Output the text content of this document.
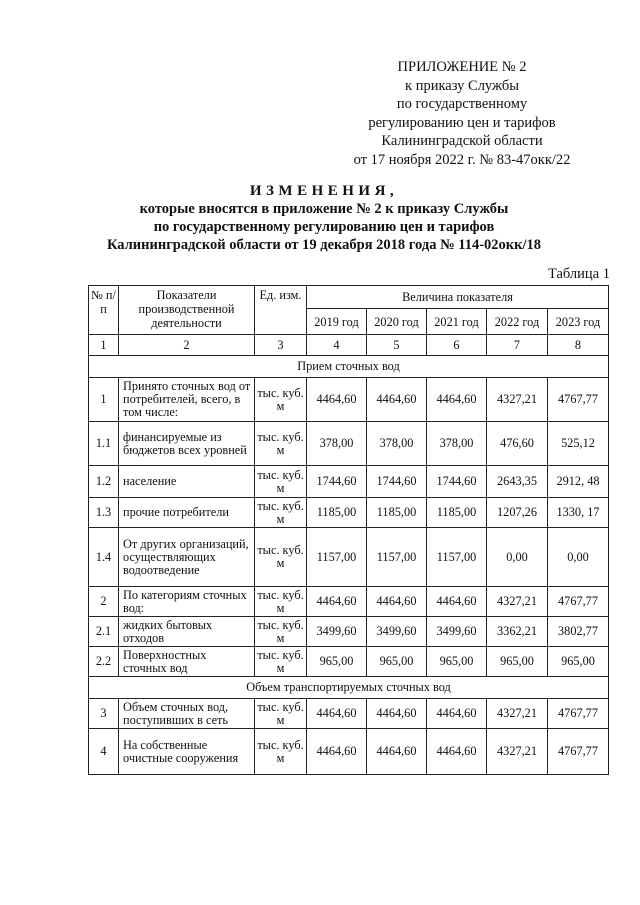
ПРИЛОЖЕНИЕ № 2
к приказу Службы
по государственному
регулированию цен и тарифов
Калининградской области
от 17 ноября 2022 г. № 83-47окк/22
ИЗМЕНЕНИЯ,
которые вносятся в приложение № 2 к приказу Службы
по государственному регулированию цен и тарифов
Калининградской области от 19 декабря 2018 года № 114-02окк/18
Таблица 1
№ п/п	Показатели производственной деятельности	Ед. изм.	Величина показателя				
			2019 год	2020 год	2021 год	2022 год	2023 год
1	2	3	4	5	6	7	8
Прием сточных вод							
1	Принято сточных вод от потребителей, всего, в том числе:	тыс. куб. м	4464,60	4464,60	4464,60	4327,21	4767,77
1.1	финансируемые из бюджетов всех уровней	тыс. куб. м	378,00	378,00	378,00	476,60	525,12
1.2	население	тыс. куб. м	1744,60	1744,60	1744,60	2643,35	2912, 48
1.3	прочие потребители	тыс. куб. м	1185,00	1185,00	1185,00	1207,26	1330, 17
1.4	От других организаций, осуществляющих водоотведение	тыс. куб. м	1157,00	1157,00	1157,00	0,00	0,00
2	По категориям сточных вод:	тыс. куб. м	4464,60	4464,60	4464,60	4327,21	4767,77
2.1	жидких бытовых отходов	тыс. куб. м	3499,60	3499,60	3499,60	3362,21	3802,77
2.2	Поверхностных сточных вод	тыс. куб. м	965,00	965,00	965,00	965,00	965,00
Объем транспортируемых сточных вод							
3	Объем сточных вод, поступивших в сеть	тыс. куб. м	4464,60	4464,60	4464,60	4327,21	4767,77
4	На собственные очистные сооружения	тыс. куб. м	4464,60	4464,60	4464,60	4327,21	4767,77
